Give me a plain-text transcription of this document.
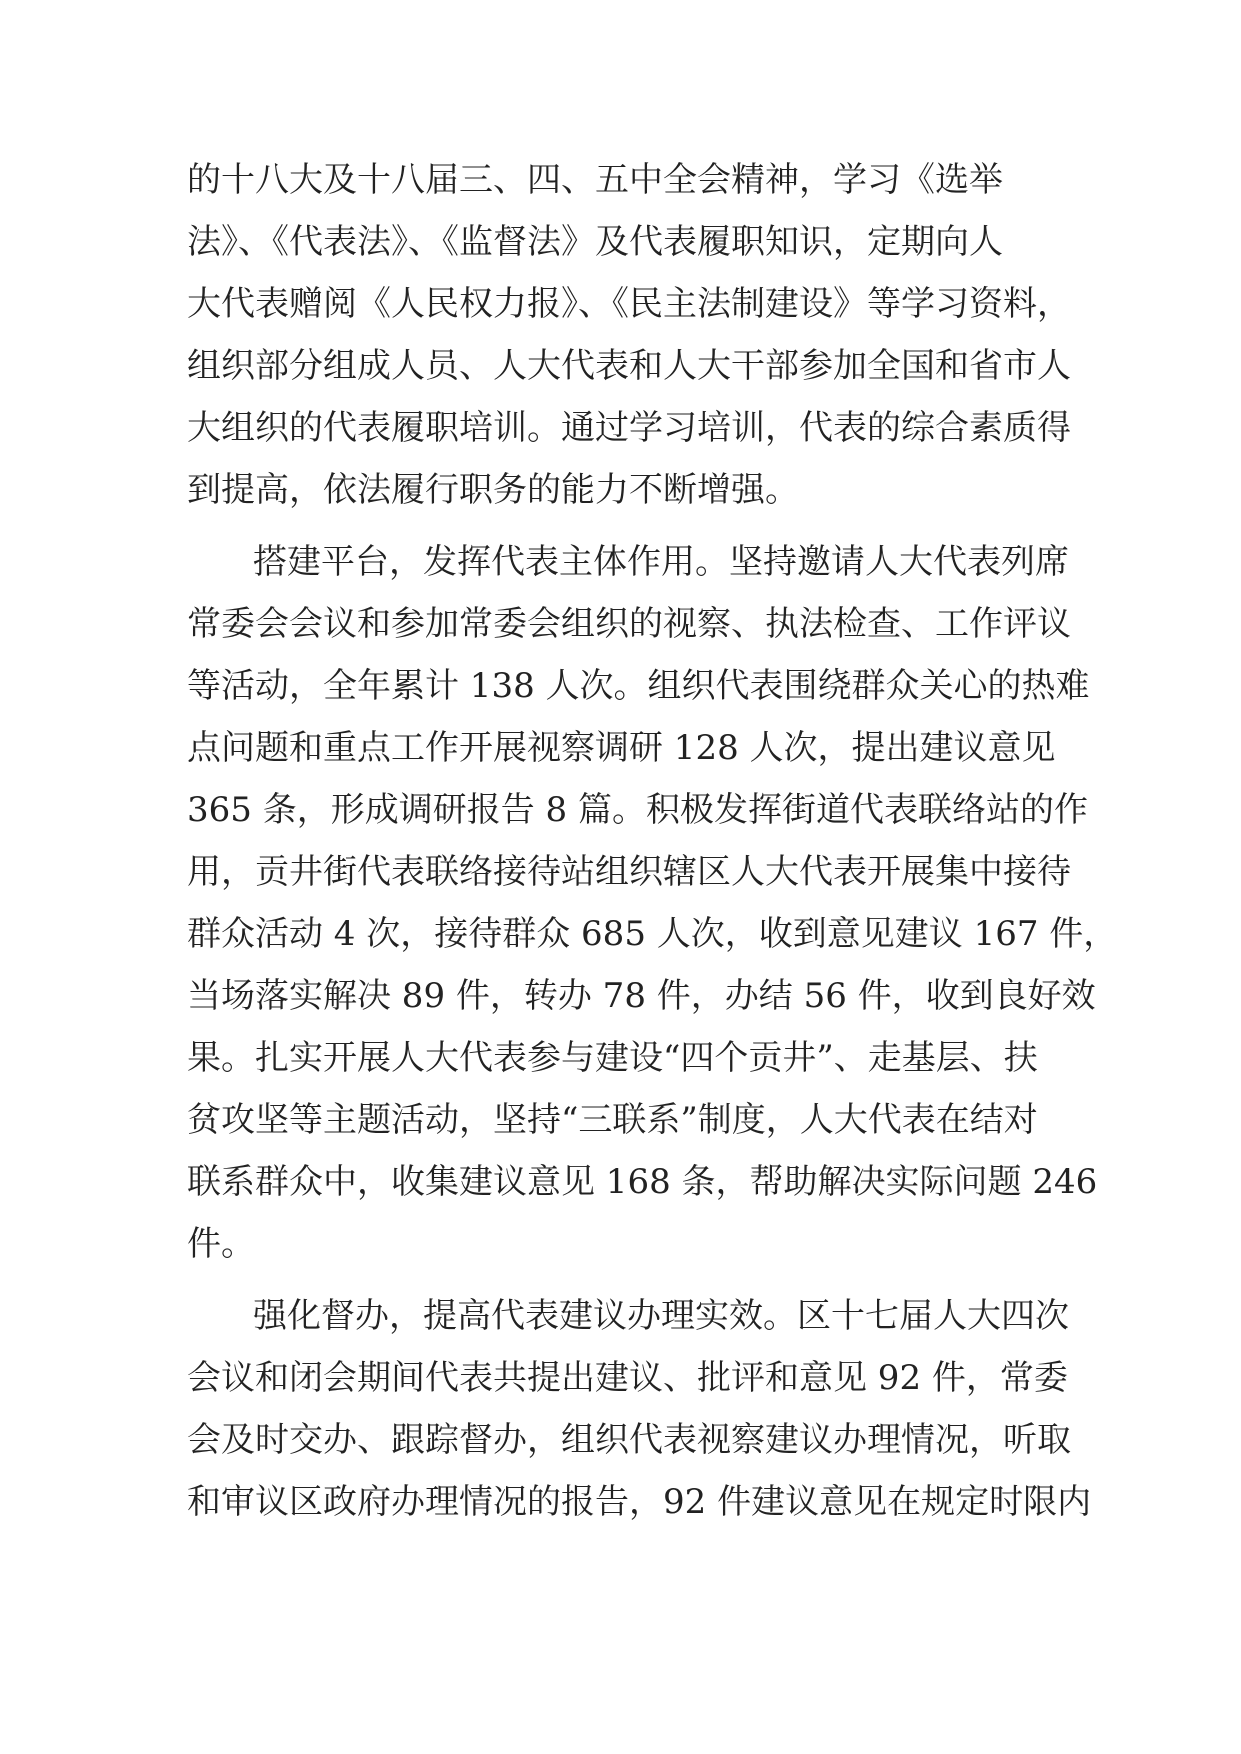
的十八大及十八届三、四、五中全会精神，学习《选举
法》、《代表法》、《监督法》及代表履职知识，定期向人
大代表赠阅《人民权力报》、《民主法制建设》等学习资料，
组织部分组成人员、人大代表和人大干部参加全国和省市人
大组织的代表履职培训。通过学习培训，代表的综合素质得
到提高，依法履行职务的能力不断增强。
搭建平台，发挥代表主体作用。坚持邀请人大代表列席
常委会会议和参加常委会组织的视察、执法检查、工作评议
等活动，全年累计 138 人次。组织代表围绕群众关心的热难
点问题和重点工作开展视察调研 128 人次，提出建议意见
365 条，形成调研报告 8 篇。积极发挥街道代表联络站的作
用，贡井街代表联络接待站组织辖区人大代表开展集中接待
群众活动 4 次，接待群众 685 人次，收到意见建议 167 件，
当场落实解决 89 件，转办 78 件，办结 56 件，收到良好效
果。扎实开展人大代表参与建设“四个贡井”、走基层、扶
贫攻坚等主题活动，坚持“三联系”制度，人大代表在结对
联系群众中，收集建议意见 168 条，帮助解决实际问题 246
件。
强化督办，提高代表建议办理实效。区十七届人大四次
会议和闭会期间代表共提出建议、批评和意见 92 件，常委
会及时交办、跟踪督办，组织代表视察建议办理情况，听取
和审议区政府办理情况的报告，92 件建议意见在规定时限内
